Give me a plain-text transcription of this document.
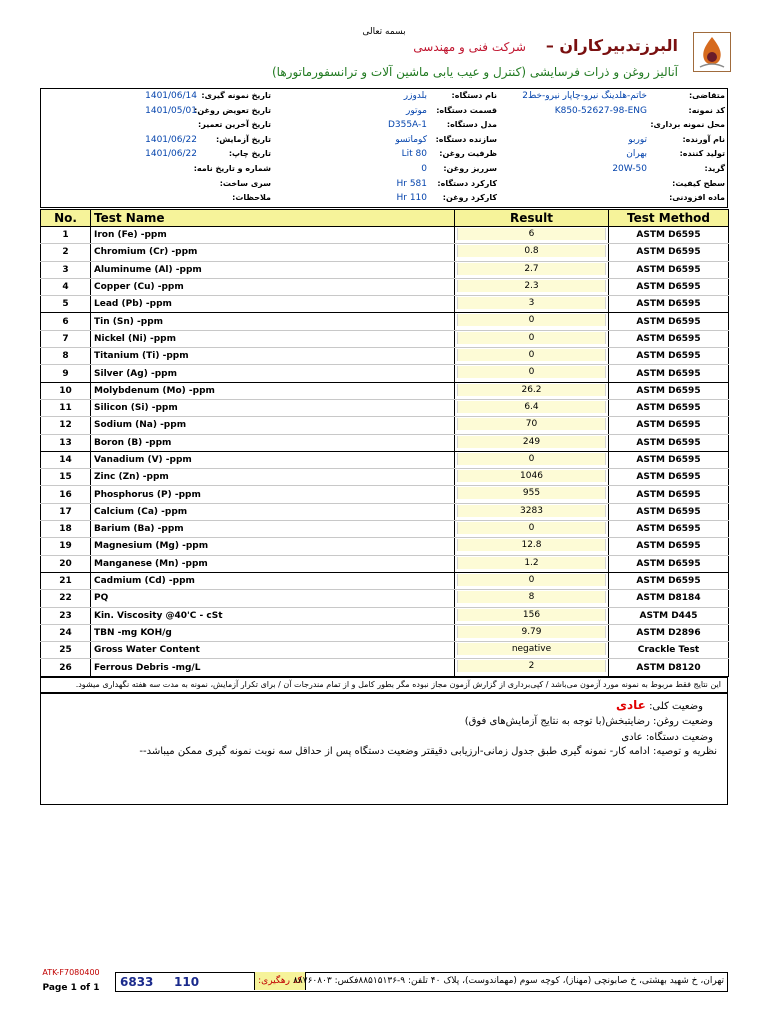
بسمه تعالی
البرزتدبیرکاران –
شرکت فنی و مهندسی
آنالیز روغن و ذرات فرسایشی (کنترل و عیب یابی ماشین آلات و ترانسفورماتورها)
متقاضی:
خاتم-هلدینگ نیرو-چاپار نیرو-خط2
کد نمونه:
K850-52627-98-ENG
محل نمونه برداری:
نام آورنده:
توربو
تولید کننده:
بهران
گرید:
20W-50
سطح کیفیت:
ماده افزودنی:
نام دستگاه:
بلدوزر
قسمت دستگاه:
موتور
مدل دستگاه:
D355A-1
سازنده دستگاه:
کوماتسو
ظرفیت روغن:
80 Lit
سرریز روغن:
0
کارکرد دستگاه:
581 Hr
کارکرد روغن:
110 Hr
تاریخ نمونه گیری:
1401/06/14
تاریخ تعویض روغن:
1401/05/01
تاریخ آخرین تعمیر:
تاریخ آزمایش:
1401/06/22
تاریخ چاپ:
1401/06/22
شماره و تاریخ نامه:
سری ساخت:
ملاحظات:
No.	Test Name	Result	Test Method
1	Iron (Fe) -ppm	6	ASTM D6595
2	Chromium (Cr) -ppm	0.8	ASTM D6595
3	Aluminume (Al) -ppm	2.7	ASTM D6595
4	Copper (Cu) -ppm	2.3	ASTM D6595
5	Lead (Pb) -ppm	3	ASTM D6595
6	Tin (Sn) -ppm	0	ASTM D6595
7	Nickel (Ni) -ppm	0	ASTM D6595
8	Titanium (Ti) -ppm	0	ASTM D6595
9	Silver (Ag) -ppm	0	ASTM D6595
10	Molybdenum (Mo) -ppm	26.2	ASTM D6595
11	Silicon (Si) -ppm	6.4	ASTM D6595
12	Sodium (Na) -ppm	70	ASTM D6595
13	Boron (B) -ppm	249	ASTM D6595
14	Vanadium (V) -ppm	0	ASTM D6595
15	Zinc (Zn) -ppm	1046	ASTM D6595
16	Phosphorus (P) -ppm	955	ASTM D6595
17	Calcium (Ca) -ppm	3283	ASTM D6595
18	Barium (Ba) -ppm	0	ASTM D6595
19	Magnesium (Mg) -ppm	12.8	ASTM D6595
20	Manganese (Mn) -ppm	1.2	ASTM D6595
21	Cadmium (Cd) -ppm	0	ASTM D6595
22	PQ	8	ASTM D8184
23	Kin. Viscosity @40'C - cSt	156	ASTM D445
24	TBN -mg KOH/g	9.79	ASTM D2896
25	Gross Water Content	negative	Crackle Test
26	Ferrous Debris -mg/L	2	ASTM D8120
این نتایج فقط مربوط به نمونه مورد آزمون می‌باشد / کپی‌برداری از گزارش آزمون مجاز نبوده مگر بطور کامل و از تمام مندرجات آن / برای تکرار آزمایش، نمونه به مدت سه هفته نگهداری میشود.
وضعیت کلی: عادی
وضعیت روغن: رضایتبخش(با توجه به نتایج آزمایش‌های فوق)
وضعیت دستگاه: عادی
نظریه و توصیه: ادامه کار- نمونه گیری طبق جدول زمانی-ارزیابی دقیقتر وضعیت دستگاه پس از حداقل سه نوبت نمونه گیری ممکن میباشد--
ATK-F7080400
Page 1 of 1 6833 110	کد رهگیری:
تهران، خ شهید بهشتی، خ صابونچی (مهناز)، کوچه سوم (مهماندوست)، پلاک ۴۰ تلفن: ۹-۸۸۵۱۵۱۳۶فکس: ۸۸۷۶۰۸۰۳
